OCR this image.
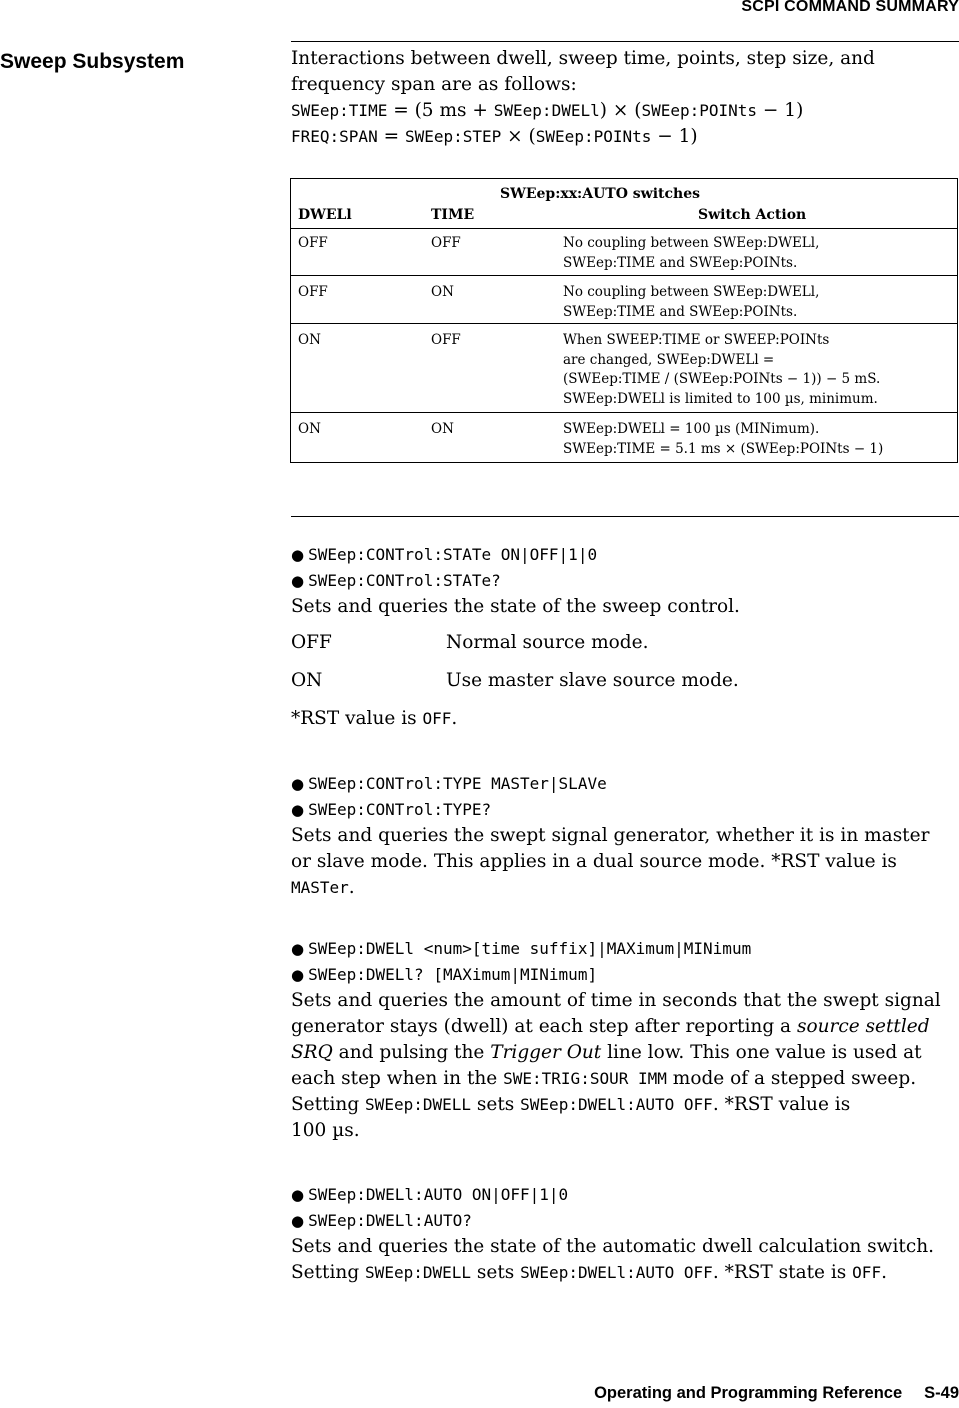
SCPI COMMAND SUMMARY
Sweep Subsystem	Interactions between dwell, sweep time, points, step size, and

frequency span are as follows:

SWEep:TIME = (5 ms + SWEep:DWELl) × (SWEep:POINts − 1)

FREQ:SPAN = SWEep:STEP × (SWEep:POINts − 1)

SWEep:xx:AUTO switches
DWELl	TIME	Switch Action
OFF	OFF	No coupling between SWEep:DWELl,
SWEep:TIME and SWEep:POINts.
OFF	ON	No coupling between SWEep:DWELl,
SWEep:TIME and SWEep:POINts.
ON	OFF	When SWEEP:TIME or SWEEP:POINts
are changed, SWEep:DWELl =
(SWEep:TIME / (SWEep:POINts − 1)) − 5 mS.
SWEep:DWELl is limited to 100 µs, minimum.
ON	ON	SWEep:DWELl = 100 µs (MINimum).
SWEep:TIME = 5.1 ms × (SWEep:POINts − 1)
● SWEep:CONTrol:STATe ON|OFF|1|0
● SWEep:CONTrol:STATe?
Sets and queries the state of the sweep control.
OFF	Normal source mode.
ON	Use master slave source mode.
*RST value is OFF.
● SWEep:CONTrol:TYPE MASTer|SLAVe
● SWEep:CONTrol:TYPE?
Sets and queries the swept signal generator, whether it is in master
or slave mode. This applies in a dual source mode. *RST value is
MASTer.
● SWEep:DWELl <num>[time suffix]|MAXimum|MINimum
● SWEep:DWELl? [MAXimum|MINimum]
Sets and queries the amount of time in seconds that the swept signal
generator stays (dwell) at each step after reporting a source settled
SRQ and pulsing the Trigger Out line low. This one value is used at
each step when in the SWE:TRIG:SOUR IMM mode of a stepped sweep.
Setting SWEep:DWELL sets SWEep:DWELl:AUTO OFF. *RST value is
100 µs.
● SWEep:DWELl:AUTO ON|OFF|1|0
● SWEep:DWELl:AUTO?
Sets and queries the state of the automatic dwell calculation switch.
Setting SWEep:DWELL sets SWEep:DWELl:AUTO OFF. *RST state is OFF.
Operating and Programming Reference S-49
